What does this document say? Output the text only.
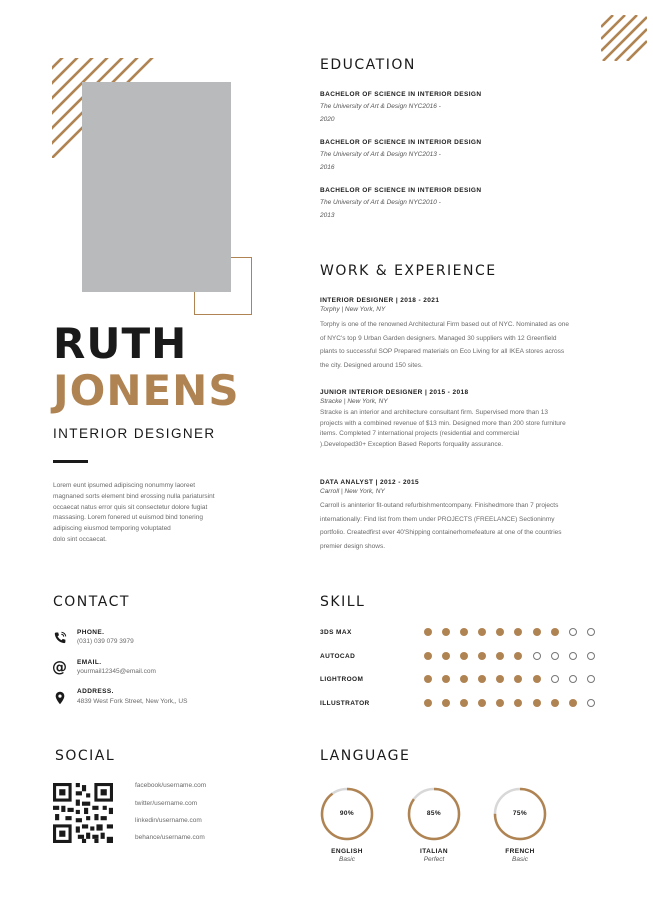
RUTH
JONENS
INTERIOR DESIGNER
Lorem eunt ipsumed adipiscing nonummy laoreet
magnaned sorts element bind erossing nulla pariatursint
occaecat natus error quis sit consectetur dolore fugiat
massasing. Lorem fonered ut euismod bind tonering
adipiscing eiusmod temporing voluptated
dolo sint occaecat.
EDUCATION
BACHELOR OF SCIENCE IN INTERIOR DESIGN
The University of Art & Design NYC2016 -
2020
BACHELOR OF SCIENCE IN INTERIOR DESIGN
The University of Art & Design NYC2013 -
2016
BACHELOR OF SCIENCE IN INTERIOR DESIGN
The University of Art & Design NYC2010 -
2013
WORK & EXPERIENCE
INTERIOR DESIGNER | 2018 - 2021
Torphy | New York, NY
Torphy is one of the renowned Architectural Firm based out of NYC. Nominated as one
of NYC's top 9 Urban Garden designers. Managed 30 suppliers with 12 Greenfield
plants to successful SOP Prepared materials on Eco Living for all IKEA stores across
the city. Designed around 150 sites.
JUNIOR INTERIOR DESIGNER | 2015 - 2018
Stracke | New York, NY
Stracke is an interior and architecture consultant firm. Supervised more than 13
projects with a combined revenue of $13 min. Designed more than 200 store furniture
items. Completed 7 international projects (residential and commercial
).Developed30+ Exception Based Reports forquality assurance.
DATA ANALYST | 2012 - 2015
Carroll | New York, NY
Carroll is aninterior fit-outand refurbishmentcompany. Finishedmore than 7 projects
internationally: Find list from them under PROJECTS (FREELANCE) Sectioninmy
portfolio. Createdfirst ever 40'Shipping containerhomefeature at one of the countries
premier design shows.
CONTACT
PHONE.
(031) 039 079 3979
@ EMAIL.
yourmail12345@email.com
ADDRESS.
4839 West Fork Street, New York,, US
SKILL
3DS MAX
AUTOCAD
LIGHTROOM
ILLUSTRATOR
SOCIAL
facebook/username.com
twitter/username.com
linkedin/username.com
behance/username.com
LANGUAGE
90%
ENGLISH
Basic
85%
ITALIAN
Perfect
75%
FRENCH
Basic
